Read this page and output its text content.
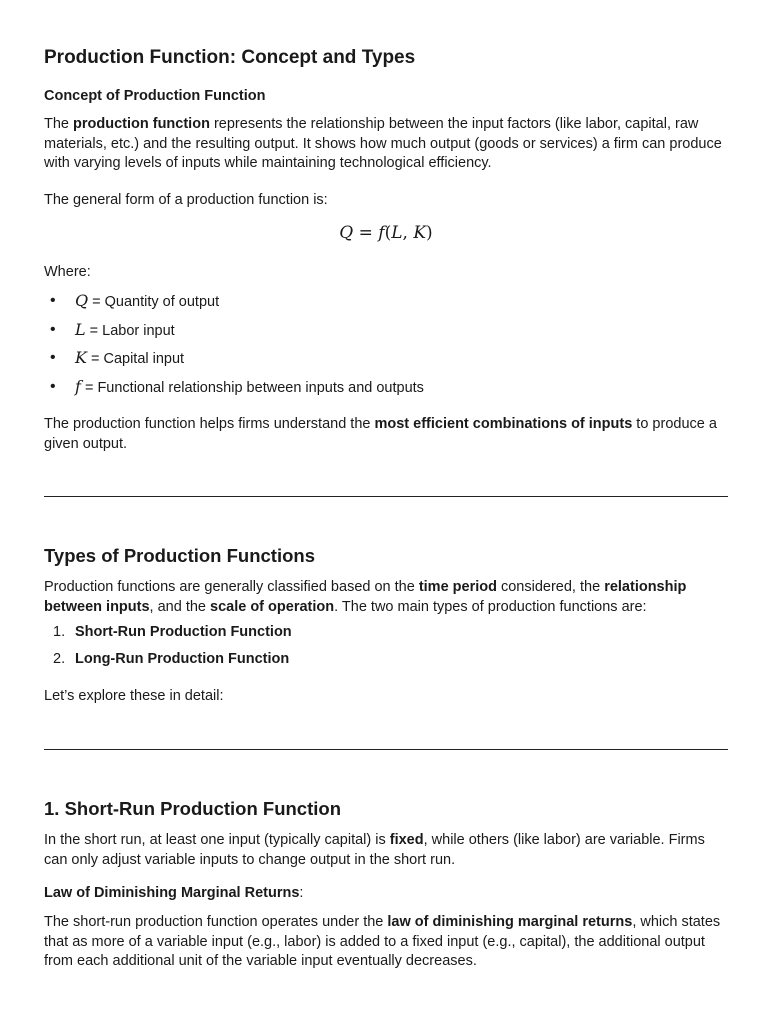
Production Function: Concept and Types
Concept of Production Function

The production function represents the relationship between the input factors (like labor, capital, raw materials, etc.) and the resulting output. It shows how much output (goods or services) a firm can produce with varying levels of inputs while maintaining technological efficiency.

The general form of a production function is:

Q = f(L, K)

Where:

• Q = Quantity of output
• L = Labor input
• K = Capital input
• f = Functional relationship between inputs and outputs

The production function helps firms understand the most efficient combinations of inputs to produce a given output.

Types of Production Functions

Production functions are generally classified based on the time period considered, the relationship between inputs, and the scale of operation. The two main types of production functions are:

1. Short-Run Production Function
2. Long-Run Production Function

Let’s explore these in detail:

1. Short-Run Production Function

In the short run, at least one input (typically capital) is fixed, while others (like labor) are variable. Firms can only adjust variable inputs to change output in the short run.

Law of Diminishing Marginal Returns:

The short-run production function operates under the law of diminishing marginal returns, which states that as more of a variable input (e.g., labor) is added to a fixed input (e.g., capital), the additional output from each additional unit of the variable input eventually decreases.
